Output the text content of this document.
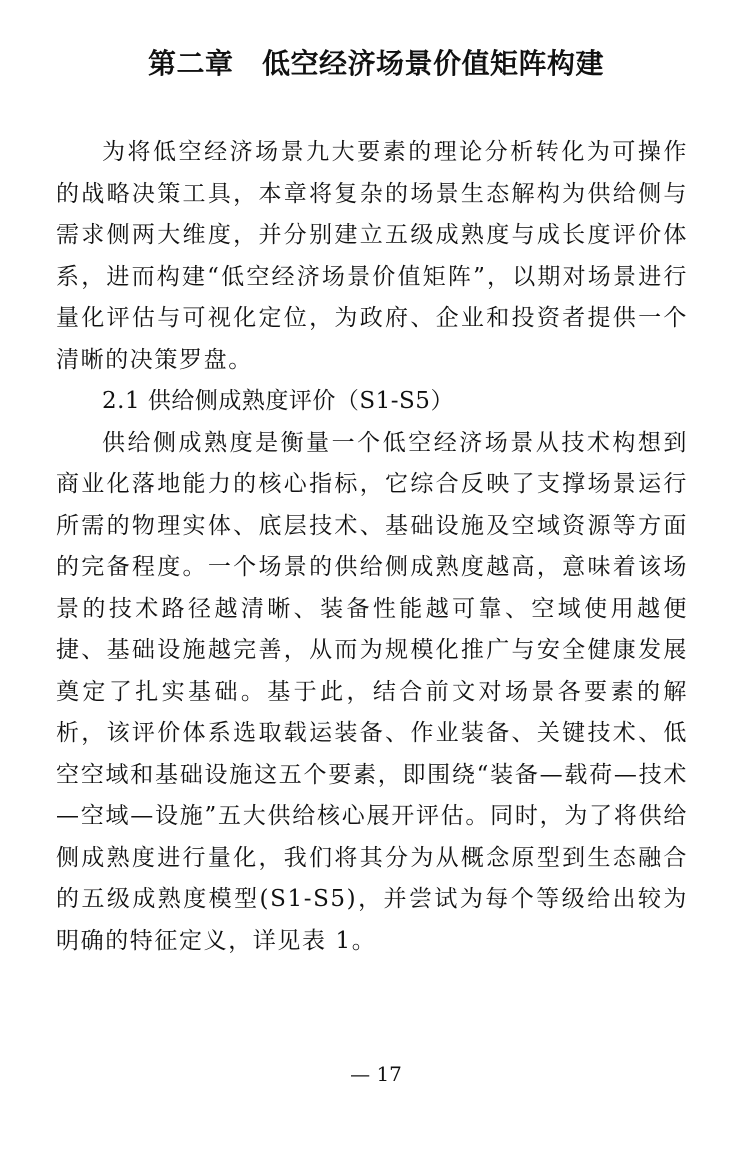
第二章　低空经济场景价值矩阵构建

为将低空经济场景九大要素的理论分析转化为可操作的战略决策工具，本章将复杂的场景生态解构为供给侧与需求侧两大维度，并分别建立五级成熟度与成长度评价体系，进而构建“低空经济场景价值矩阵”，以期对场景进行量化评估与可视化定位，为政府、企业和投资者提供一个清晰的决策罗盘。

2.1 供给侧成熟度评价（S1-S5）

供给侧成熟度是衡量一个低空经济场景从技术构想到商业化落地能力的核心指标，它综合反映了支撑场景运行所需的物理实体、底层技术、基础设施及空域资源等方面的完备程度。一个场景的供给侧成熟度越高，意味着该场景的技术路径越清晰、装备性能越可靠、空域使用越便捷、基础设施越完善，从而为规模化推广与安全健康发展奠定了扎实基础。基于此，结合前文对场景各要素的解析，该评价体系选取载运装备、作业装备、关键技术、低空空域和基础设施这五个要素，即围绕“装备—载荷—技术—空域—设施”五大供给核心展开评估。同时，为了将供给侧成熟度进行量化，我们将其分为从概念原型到生态融合的五级成熟度模型(S1-S5)，并尝试为每个等级给出较为明确的特征定义，详见表 1。

— 17
